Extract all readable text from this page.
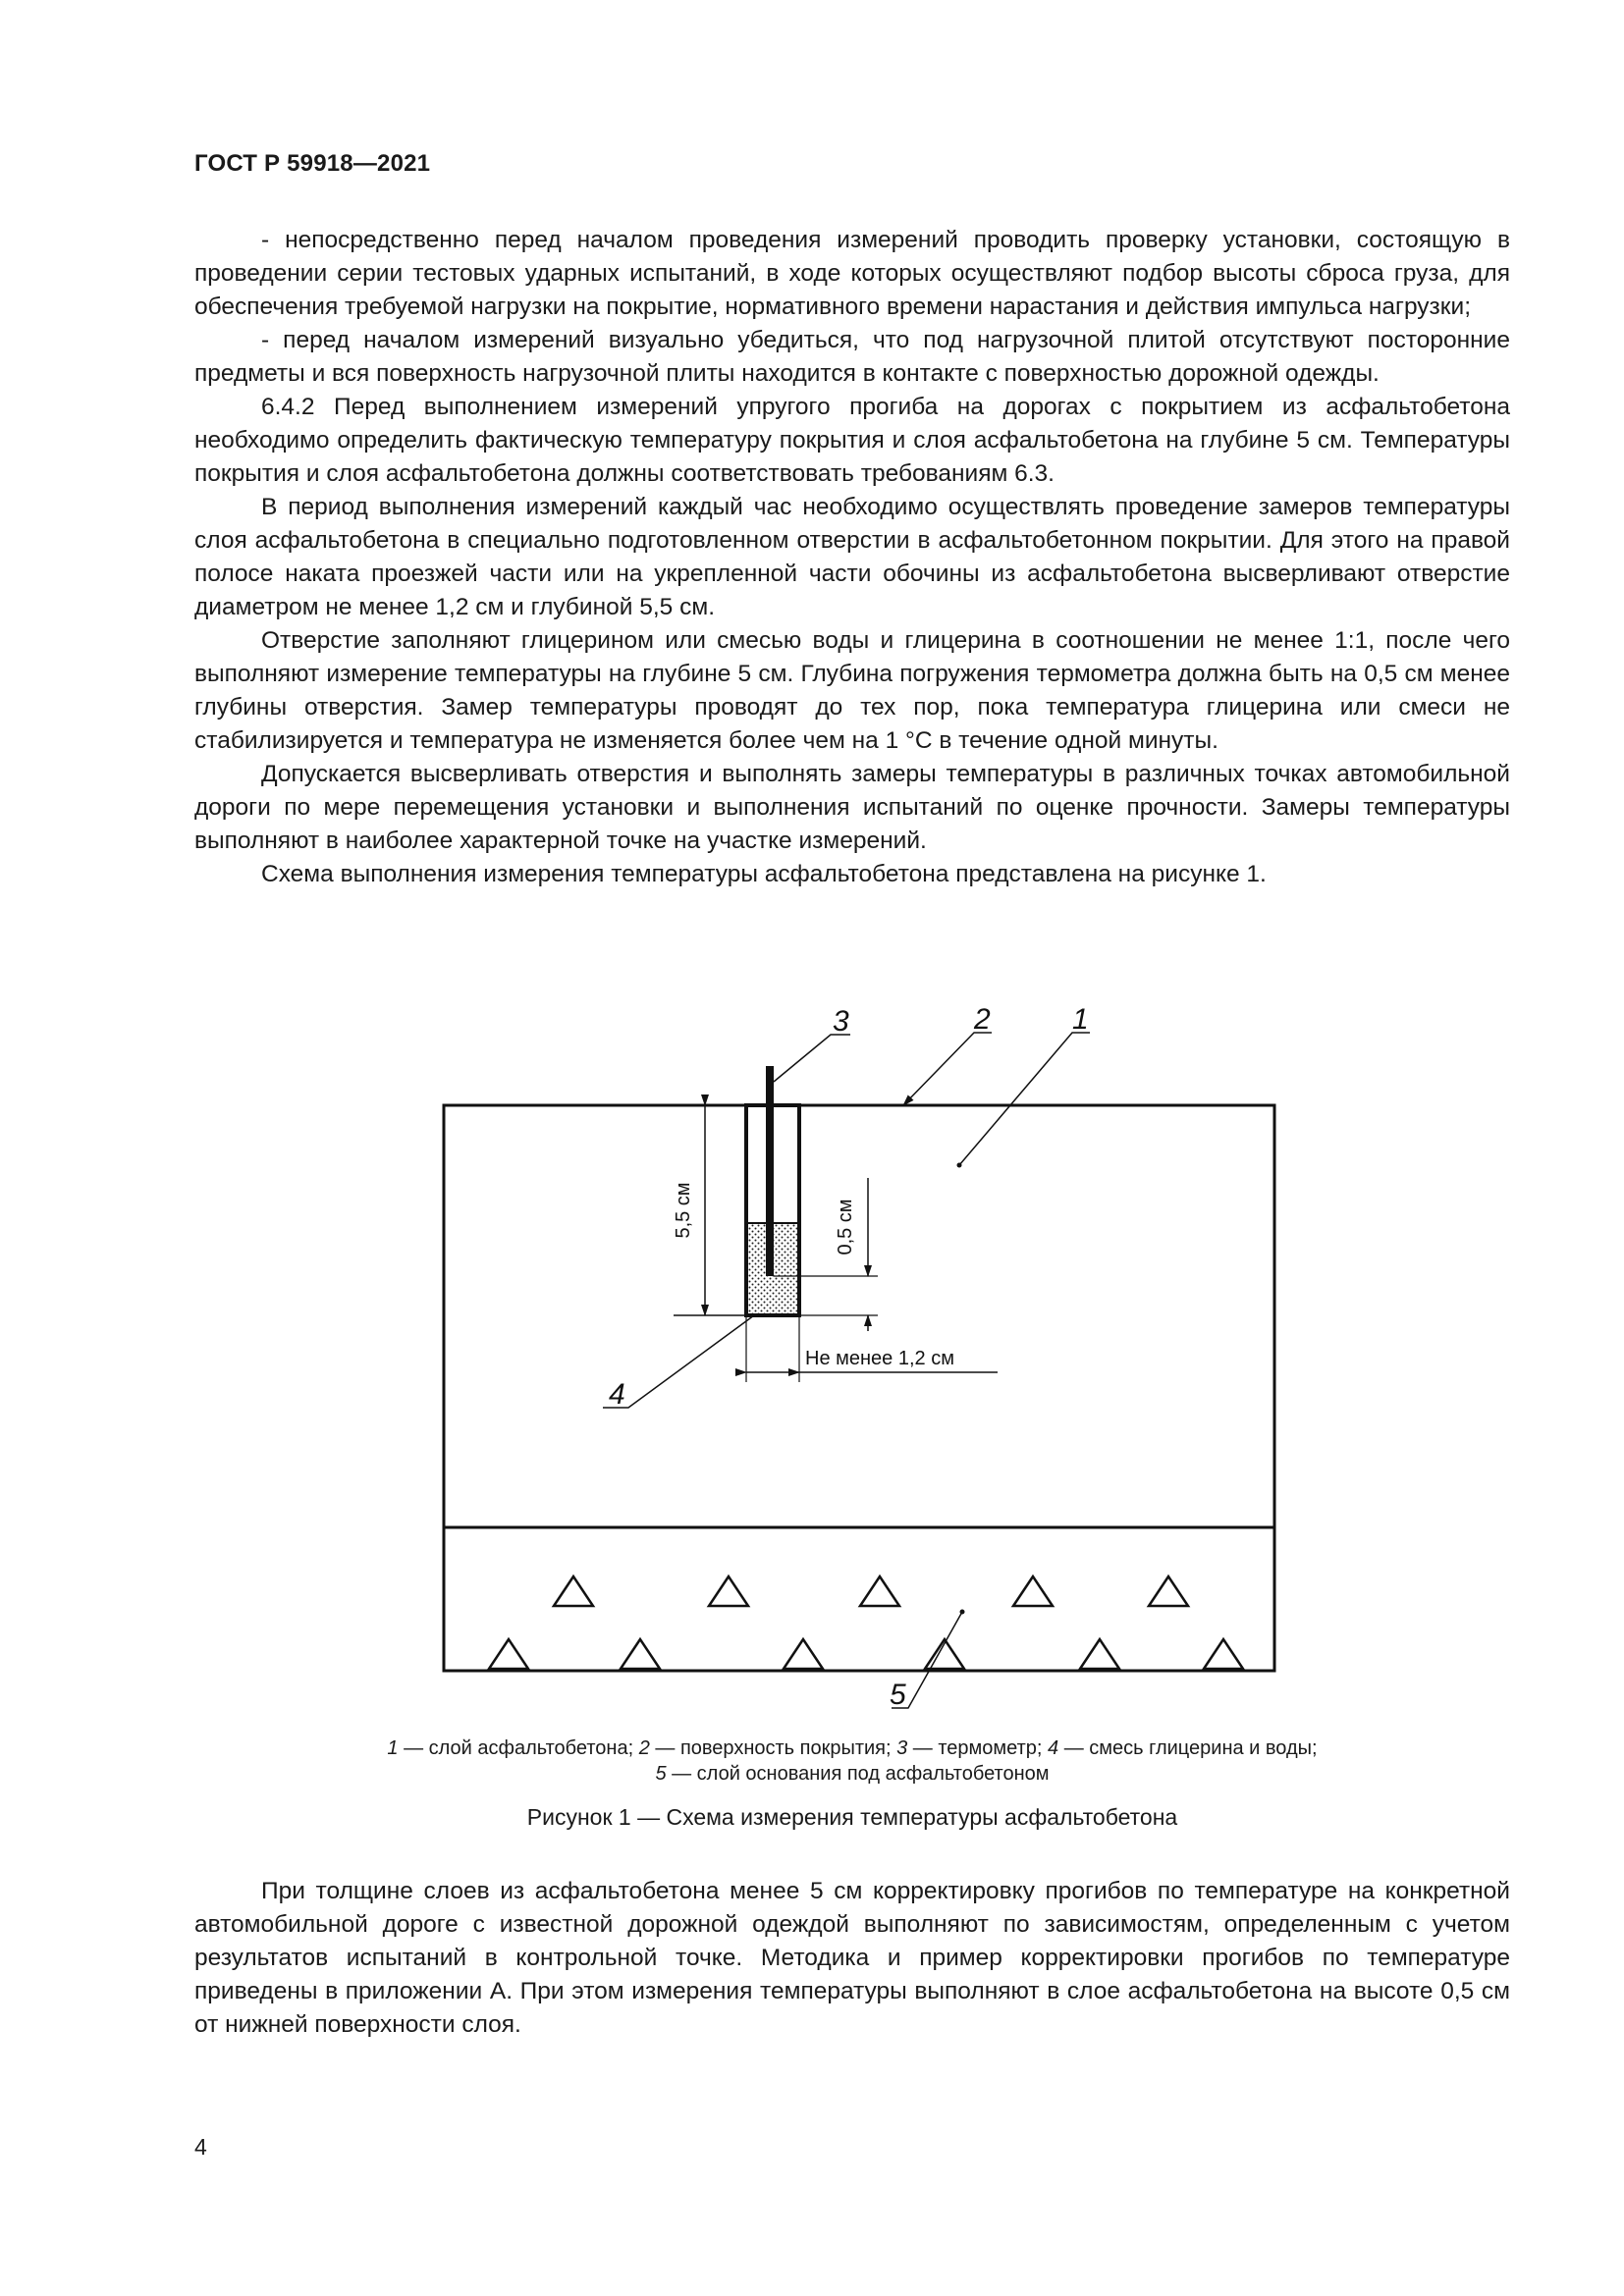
ГОСТ Р 59918—2021

- непосредственно перед началом проведения измерений проводить проверку установки, состоящую в проведении серии тестовых ударных испытаний, в ходе которых осуществляют подбор высоты сброса груза, для обеспечения требуемой нагрузки на покрытие, нормативного времени нарастания и действия импульса нагрузки;

- перед началом измерений визуально убедиться, что под нагрузочной плитой отсутствуют посторонние предметы и вся поверхность нагрузочной плиты находится в контакте с поверхностью дорожной одежды.

6.4.2 Перед выполнением измерений упругого прогиба на дорогах с покрытием из асфальтобетона необходимо определить фактическую температуру покрытия и слоя асфальтобетона на глубине 5 см. Температуры покрытия и слоя асфальтобетона должны соответствовать требованиям 6.3.

В период выполнения измерений каждый час необходимо осуществлять проведение замеров температуры слоя асфальтобетона в специально подготовленном отверстии в асфальтобетонном покрытии. Для этого на правой полосе наката проезжей части или на укрепленной части обочины из асфальтобетона высверливают отверстие диаметром не менее 1,2 см и глубиной 5,5 см.

Отверстие заполняют глицерином или смесью воды и глицерина в соотношении не менее 1:1, после чего выполняют измерение температуры на глубине 5 см. Глубина погружения термометра должна быть на 0,5 см менее глубины отверстия. Замер температуры проводят до тех пор, пока температура глицерина или смеси не стабилизируется и температура не изменяется более чем на 1 °С в течение одной минуты.

Допускается высверливать отверстия и выполнять замеры температуры в различных точках автомобильной дороги по мере перемещения установки и выполнения испытаний по оценке прочности. Замеры температуры выполняют в наиболее характерной точке на участке измерений.

Схема выполнения измерения температуры асфальтобетона представлена на рисунке 1.

5,5 см	0,5 см
Не менее 1,2 см
3	2	1
4
5
1 — слой асфальтобетона; 2 — поверхность покрытия; 3 — термометр; 4 — смесь глицерина и воды;
5 — слой основания под асфальтобетоном
Рисунок 1 — Схема измерения температуры асфальтобетона

При толщине слоев из асфальтобетона менее 5 см корректировку прогибов по температуре на конкретной автомобильной дороге с известной дорожной одеждой выполняют по зависимостям, определенным с учетом результатов испытаний в контрольной точке. Методика и пример корректировки прогибов по температуре приведены в приложении А. При этом измерения температуры выполняют в слое асфальтобетона на высоте 0,5 см от нижней поверхности слоя.

4
